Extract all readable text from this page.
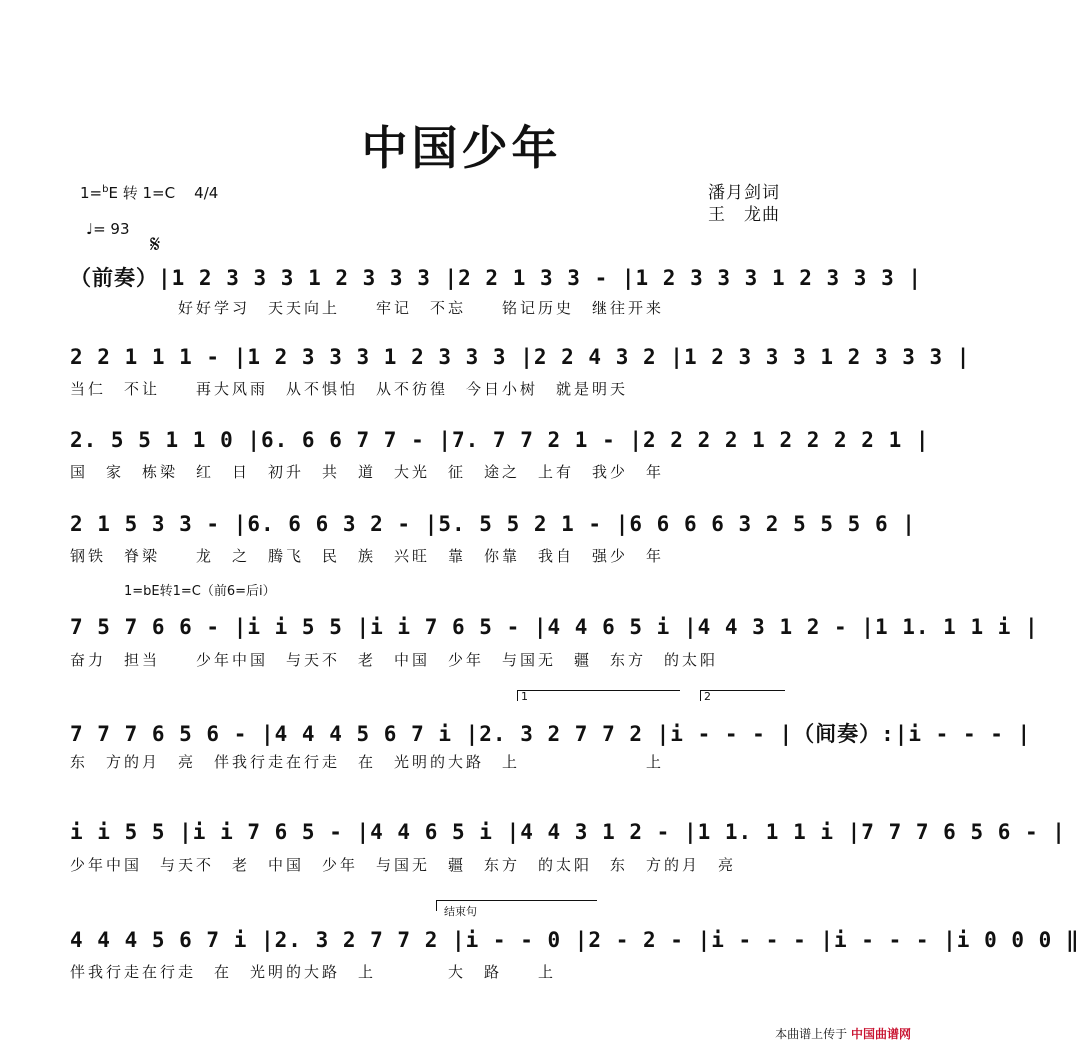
中国少年
1=$^b$E 转 1=C 4/4	潘月剑词
王　龙曲
♩= 93
𝄋
（前奏）|1 2 3 3 3 1 2 3 3 3 |2 2 1 3 3 - |1 2 3 3 3 1 2 3 3 3 |
　　　　　　好好学习　天天向上　　牢记　不忘　　铭记历史　继往开来
2 2 1 1 1 - |1 2 3 3 3 1 2 3 3 3 |2 2 4 3 2 |1 2 3 3 3 1 2 3 3 3 |
当仁　不让　　再大风雨　从不惧怕　从不彷徨　今日小树　就是明天
2. 5 5 1 1 0 |6. 6 6 7 7 - |7. 7 7 2 1 - |2 2 2 2 1 2 2 2 2 1 |
国　家　栋梁　红　日　初升　共　道　大光　征　途之　上有　我少　年
2 1 5 3 3 - |6. 6 6 3 2 - |5. 5 5 2 1 - |6 6 6 6 3 2 5 5 5 6 |
钢铁　脊梁　　龙　之　腾飞　民　族　兴旺　靠　你靠　我自　强少　年
1=bE转1=C（前6=后i）
7 5 7 6 6 - |i i 5 5 |i i 7 6 5 - |4 4 6 5 i |4 4 3 1 2 - |1 1. 1 1 i |
奋力　担当　　少年中国　与天不　老　中国　少年　与国无　疆　东方　的太阳
1	2
7 7 7 6 5 6 - |4 4 4 5 6 7 i |2. 3 2 7 7 2 |i - - - |（间奏）:|i - - - |
东　方的月　亮　伴我行走在行走　在　光明的大路　上　　　　　　　上
i i 5 5 |i i 7 6 5 - |4 4 6 5 i |4 4 3 1 2 - |1 1. 1 1 i |7 7 7 6 5 6 - |
少年中国　与天不　老　中国　少年　与国无　疆　东方　的太阳　东　方的月　亮
结束句
4 4 4 5 6 7 i |2. 3 2 7 7 2 |i - - 0 |2 - 2 - |i - - - |i - - - |i 0 0 0 ‖
伴我行走在行走　在　光明的大路　上　　　　大　路　　上
本曲谱上传于 中国曲谱网
